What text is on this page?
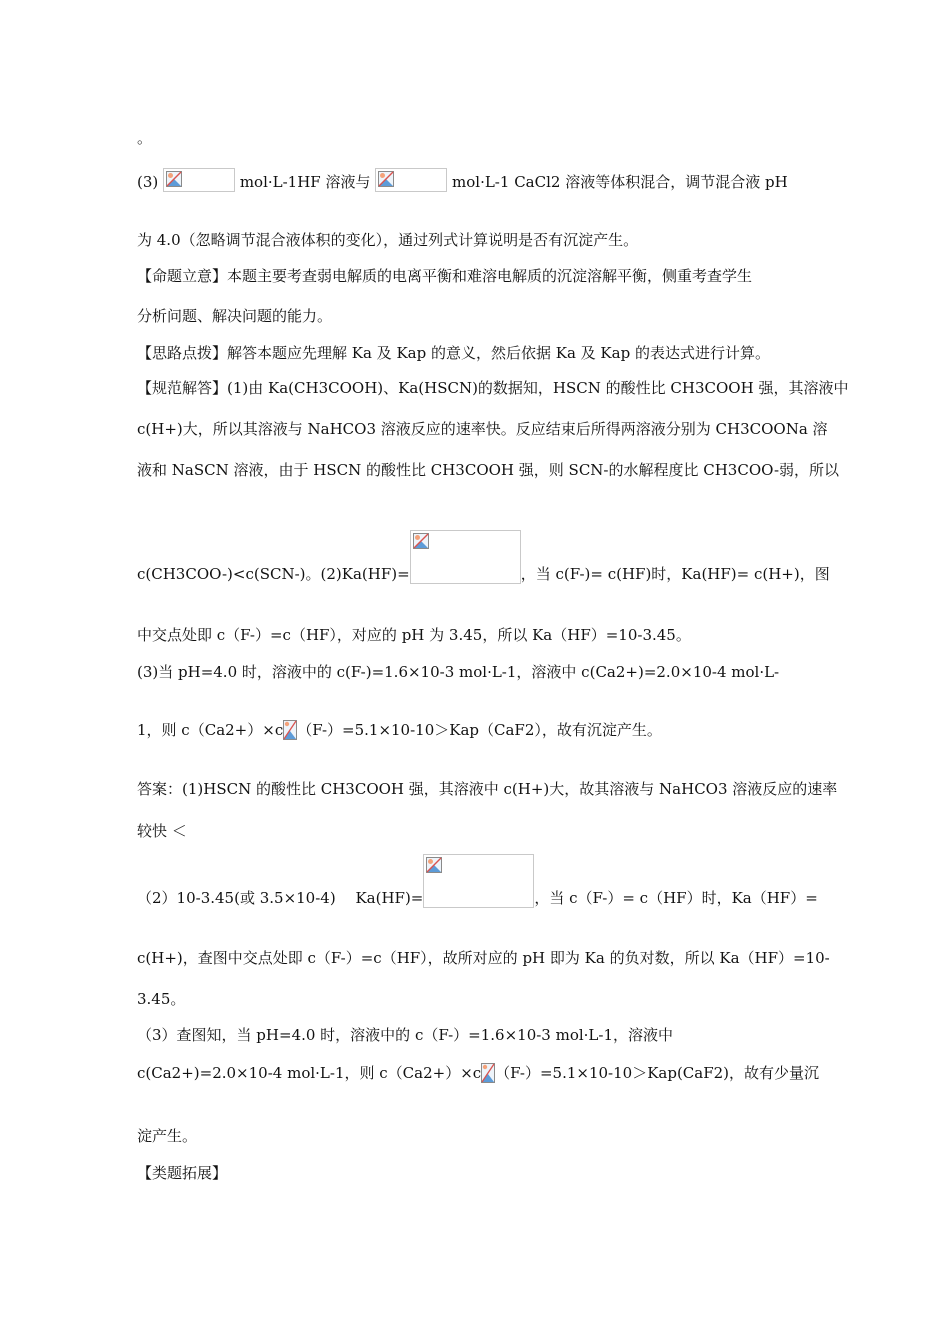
。
(3)	mol·L-1HF 溶液与	mol·L-1 CaCl2 溶液等体积混合，调节混合液 pH
为 4.0（忽略调节混合液体积的变化），通过列式计算说明是否有沉淀产生。
【命题立意】本题主要考查弱电解质的电离平衡和难溶电解质的沉淀溶解平衡，侧重考查学生
分析问题、解决问题的能力。
【思路点拨】解答本题应先理解 Ka 及 Kap 的意义，然后依据 Ka 及 Kap 的表达式进行计算。
【规范解答】(1)由 Ka(CH3COOH)、Ka(HSCN)的数据知，HSCN 的酸性比 CH3COOH 强，其溶液中
c(H+)大，所以其溶液与 NaHCO3 溶液反应的速率快。反应结束后所得两溶液分别为 CH3COONa 溶
液和 NaSCN 溶液，由于 HSCN 的酸性比 CH3COOH 强，则 SCN-的水解程度比 CH3COO-弱，所以
c(CH3COO-)<c(SCN-)。(2)Ka(HF)=	，当 c(F-)= c(HF)时，Ka(HF)= c(H+)，图
中交点处即 c（F-）=c（HF），对应的 pH 为 3.45，所以 Ka（HF）=10-3.45。
(3)当 pH=4.0 时，溶液中的 c(F-)=1.6×10-3 mol·L-1，溶液中 c(Ca2+)=2.0×10-4 mol·L-
1，则 c（Ca2+）×c （F-）=5.1×10-10＞Kap（CaF2），故有沉淀产生。
答案：(1)HSCN 的酸性比 CH3COOH 强，其溶液中 c(H+)大，故其溶液与 NaHCO3 溶液反应的速率
较快 ＜
（2）10-3.45(或 3.5×10-4)　 Ka(HF)=	，当 c（F-）= c（HF）时，Ka（HF）=
c(H+)，查图中交点处即 c（F-）=c（HF），故所对应的 pH 即为 Ka 的负对数，所以 Ka（HF）=10-
3.45。
（3）查图知，当 pH=4.0 时，溶液中的 c（F-）=1.6×10-3 mol·L-1，溶液中
c(Ca2+)=2.0×10-4 mol·L-1，则 c（Ca2+）×c （F-）=5.1×10-10＞Kap(CaF2)，故有少量沉
淀产生。
【类题拓展】
